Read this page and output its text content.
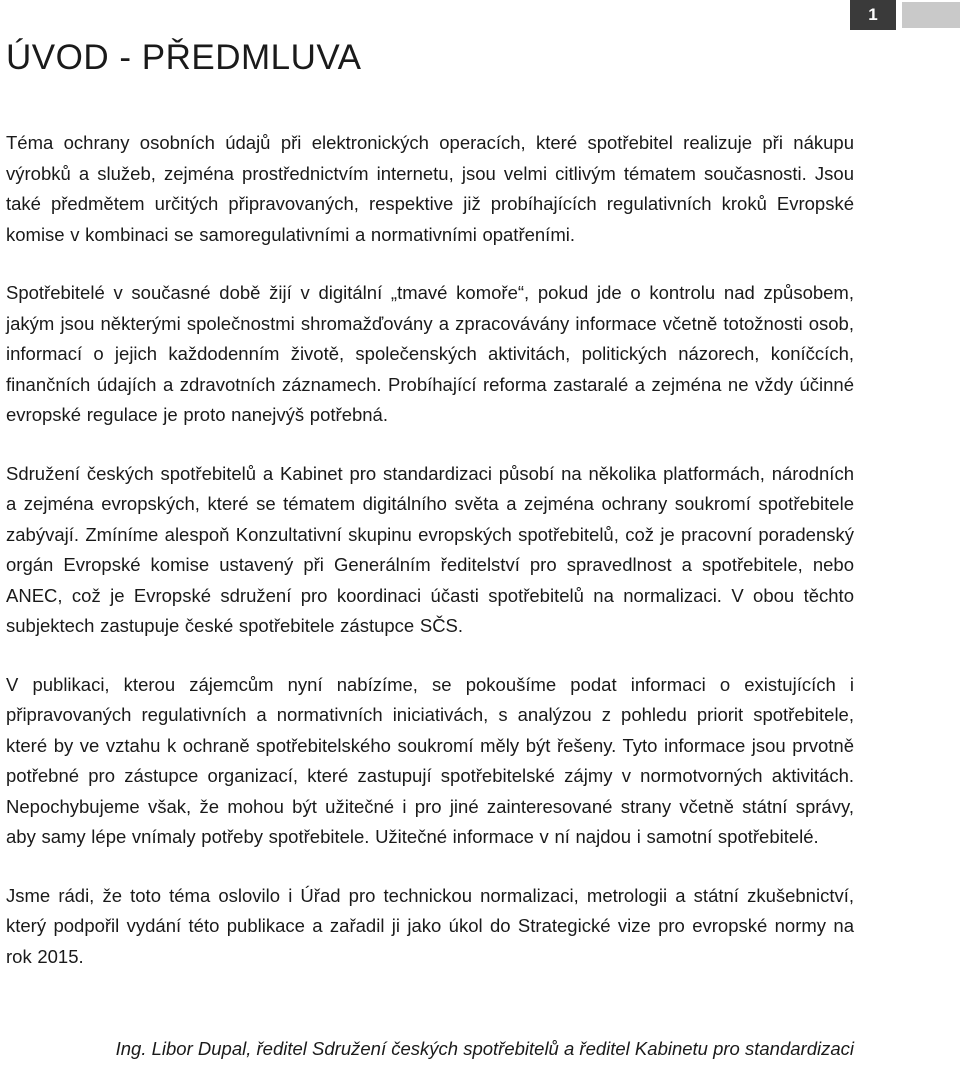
1
ÚVOD - PŘEDMLUVA

Téma ochrany osobních údajů při elektronických operacích, které spotřebitel realizuje při nákupu výrobků a služeb, zejména prostřednictvím internetu, jsou velmi citlivým tématem současnosti. Jsou také předmětem určitých připravovaných, respektive již probíhajících regulativních kroků Evropské komise v kombinaci se samoregulativními a normativními opatřeními.

Spotřebitelé v současné době žijí v digitální „tmavé komoře“, pokud jde o kontrolu nad způsobem, jakým jsou některými společnostmi shromažďovány a zpracovávány informace včetně totožnosti osob, informací o jejich každodenním životě, společenských aktivitách, politických názorech, koníčcích, finančních údajích a zdravotních záznamech. Probíhající reforma zastaralé a zejména ne vždy účinné evropské regulace je proto nanejvýš potřebná.

Sdružení českých spotřebitelů a Kabinet pro standardizaci působí na několika platformách, národních a zejména evropských, které se tématem digitálního světa a zejména ochrany soukromí spotřebitele zabývají. Zmíníme alespoň Konzultativní skupinu evropských spotřebitelů, což je pracovní poradenský orgán Evropské komise ustavený při Generálním ředitelství pro spravedlnost a spotřebitele, nebo ANEC, což je Evropské sdružení pro koordinaci účasti spotřebitelů na normalizaci. V obou těchto subjektech zastupuje české spotřebitele zástupce SČS.

V publikaci, kterou zájemcům nyní nabízíme, se pokoušíme podat informaci o existujících i připravovaných regulativních a normativních iniciativách, s analýzou z pohledu priorit spotřebitele, které by ve vztahu k ochraně spotřebitelského soukromí měly být řešeny. Tyto informace jsou prvotně potřebné pro zástupce organizací, které zastupují spotřebitelské zájmy v normotvorných aktivitách. Nepochybujeme však, že mohou být užitečné i pro jiné zainteresované strany včetně státní správy, aby samy lépe vnímaly potřeby spotřebitele. Užitečné informace v ní najdou i samotní spotřebitelé.

Jsme rádi, že toto téma oslovilo i Úřad pro technickou normalizaci, metrologii a státní zkušebnictví, který podpořil vydání této publikace a zařadil ji jako úkol do Strategické vize pro evropské normy na rok 2015.

Ing. Libor Dupal, ředitel Sdružení českých spotřebitelů a ředitel Kabinetu pro standardizaci
